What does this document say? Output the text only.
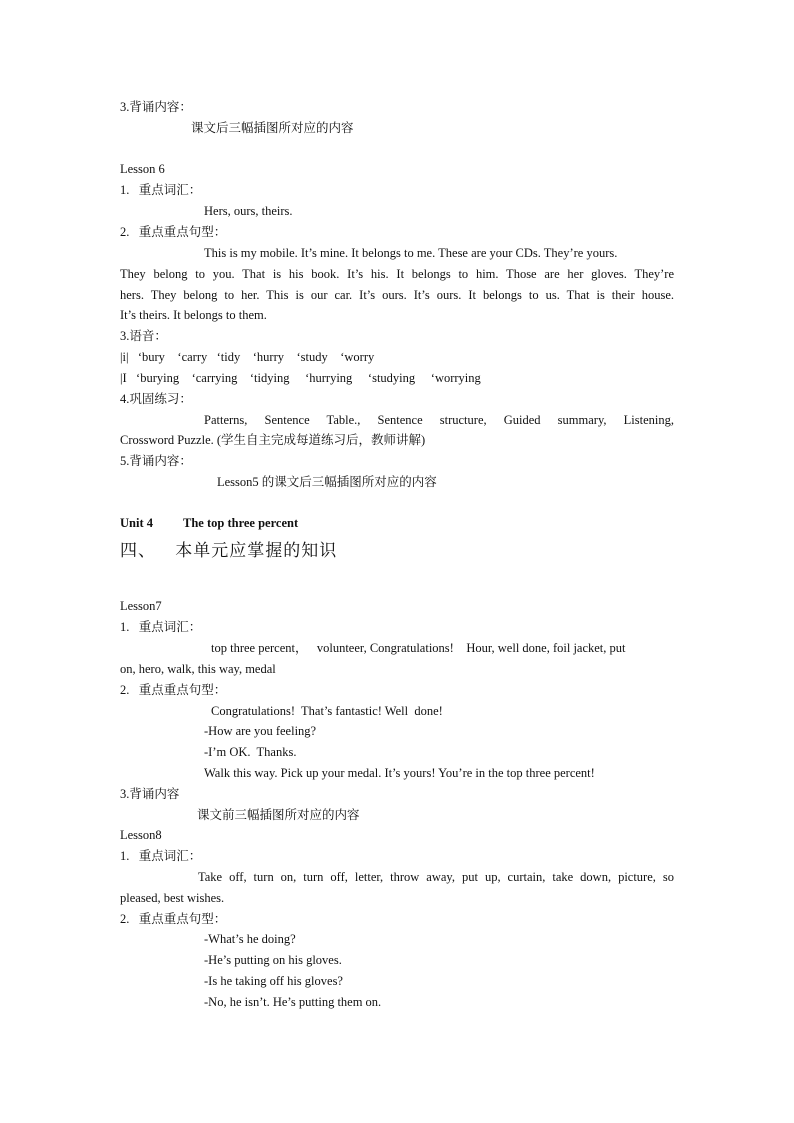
3.背诵内容：
课文后三幅插图所对应的内容
Lesson 6
1.   重点词汇：
Hers, ours, theirs.
2.   重点重点句型：
This is my mobile. It’s mine. It belongs to me. These are your CDs. They’re yours.
They belong to you. That is his book. It’s his. It belongs to him. Those are her gloves. They’re
hers. They belong to her. This is our car. It’s ours. It’s ours. It belongs to us. That is their house.
It’s theirs. It belongs to them.
3.语音：
|i|   ‘bury    ‘carry   ‘tidy    ‘hurry    ‘study    ‘worry
|I   ‘burying    ‘carrying    ‘tidying     ‘hurrying     ‘studying     ‘worrying
4.巩固练习：
Patterns, Sentence Table., Sentence structure, Guided summary, Listening,
Crossword Puzzle. (学生自主完成每道练习后，教师讲解)
5.背诵内容：
Lesson5 的课文后三幅插图所对应的内容
Unit 4 The top three percent
四、   本单元应掌握的知识
Lesson7
1.   重点词汇：
top three percent，   volunteer, Congratulations!    Hour, well done, foil jacket, put
on, hero, walk, this way, medal
2.   重点重点句型：
Congratulations!  That’s fantastic! Well  done!
-How are you feeling?
-I’m OK.  Thanks.
Walk this way. Pick up your medal. It’s yours! You’re in the top three percent!
3.背诵内容
课文前三幅插图所对应的内容
Lesson8
1.   重点词汇：
Take off, turn on, turn off, letter, throw away, put up, curtain, take down, picture, so
pleased, best wishes.
2.   重点重点句型：
-What’s he doing?
-He’s putting on his gloves.
-Is he taking off his gloves?
-No, he isn’t. He’s putting them on.
